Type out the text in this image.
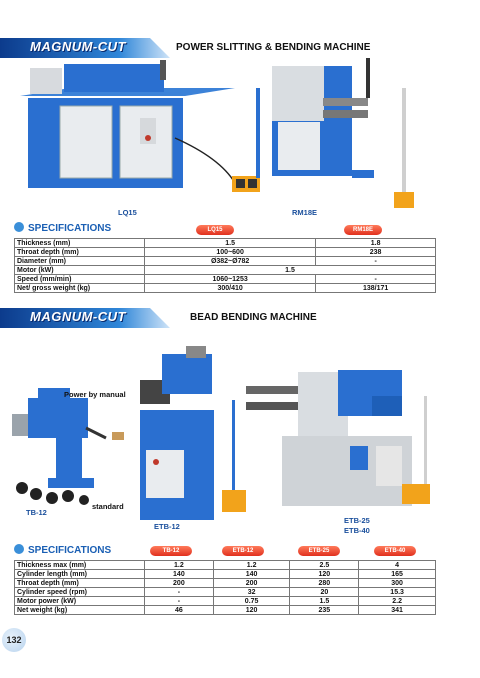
MAGNUM-CUT	POWER SLITTING & BENDING MACHINE
LQ15	RM18E
SPECIFICATIONS	LQ15	RM18E
Thickness (mm)	1.5	1.8
Throat depth (mm)	100~600	238
Diameter (mm)	Ø382~Ø782	-
Motor (kW)	1.5	
Speed (mm/min)	1060~1253	-
Net/ gross weight (kg)	300/410	138/171
MAGNUM-CUT	BEAD BENDING MACHINE
Power by manual
standard
TB-12
ETB-12
ETB-25
ETB-40
SPECIFICATIONS	TB-12	ETB-12	ETB-25	ETB-40
Thickness max (mm)	1.2	1.2	2.5	4
Cylinder length (mm)	140	140	120	165
Throat depth (mm)	200	200	280	300
Cylinder speed (rpm)	-	32	20	15.3
Motor power (kW)	-	0.75	1.5	2.2
Net weight (kg)	46	120	235	341
132
